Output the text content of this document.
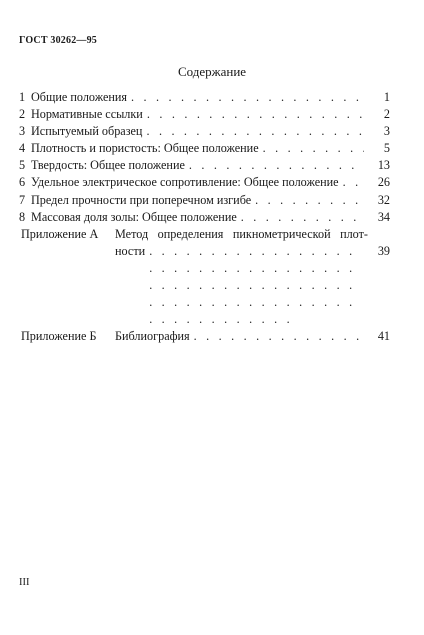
ГОСТ 30262—95
Содержание
1 Общие положения . . .	1
2 Нормативные ссылки . . .	2
3 Испытуемый образец . . .	3
4 Плотность и пористость: Общее положение . . .	5
5 Твердость: Общее положение . . .	13
6 Удельное электрическое сопротивление: Общее положение . . .	26
7 Предел прочности при поперечном изгибе . . .	32
8 Массовая доля золы: Общее положение . . .	34
Приложение А	Метод определения пикнометрической плот-
ности . . .	39
Приложение Б	Библиография . . .	41
III
